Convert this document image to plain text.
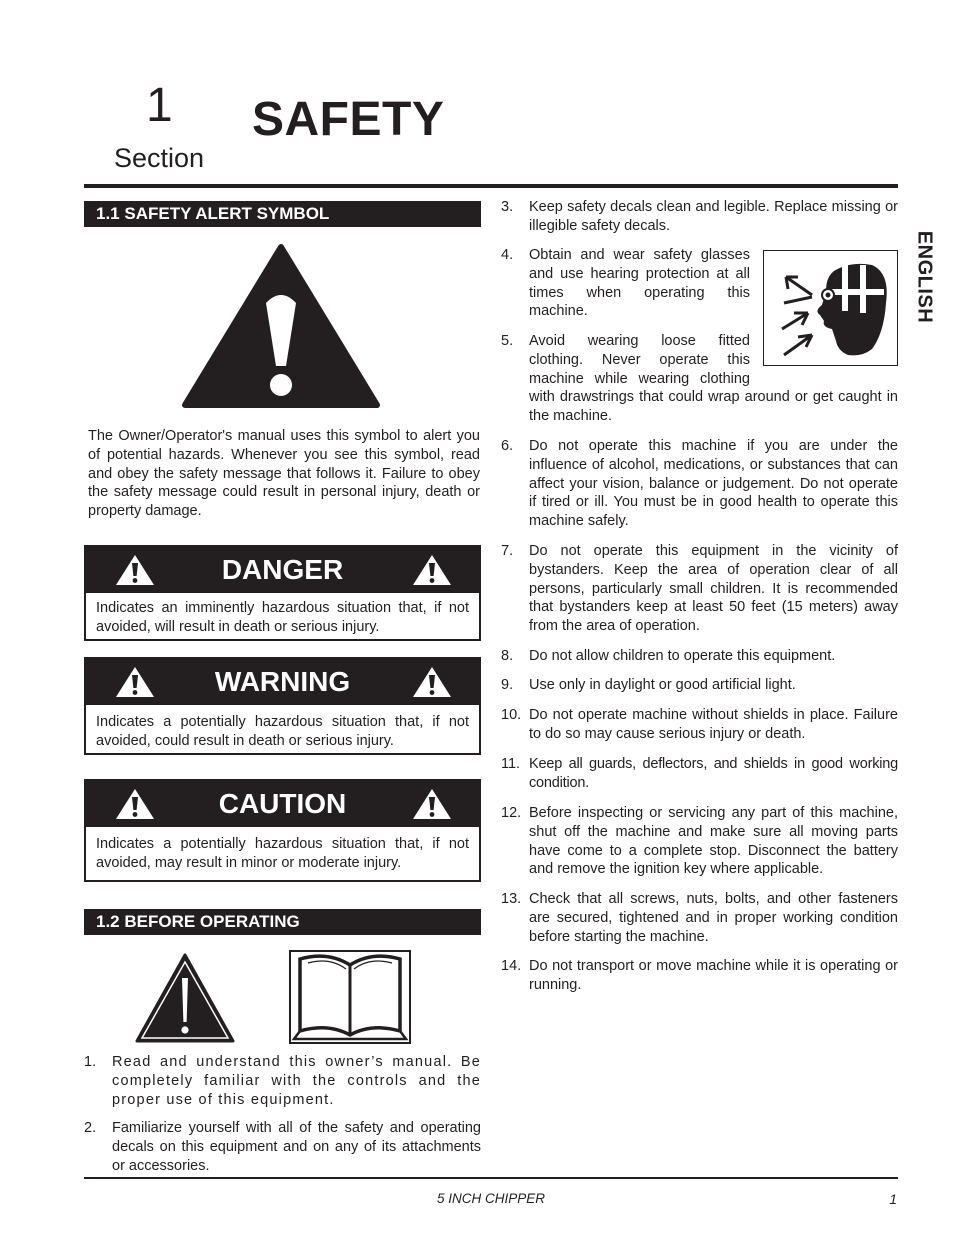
1
Section
SAFETY
ENGLISH
1.1 SAFETY ALERT SYMBOL
The Owner/Operator's manual uses this symbol to alert you of potential hazards. Whenever you see this symbol, read and obey the safety message that follows it. Failure to obey the safety message could result in personal injury, death or property damage.
DANGER
Indicates an imminently hazardous situation that, if not avoided, will result in death or serious injury.
WARNING
Indicates a potentially hazardous situation that, if not avoided, could result in death or serious injury.
CAUTION
Indicates a potentially hazardous situation that, if not avoided, may result in minor or moderate injury.
1.2 BEFORE OPERATING
1. Read and understand this owner’s manual. Be completely familiar with the controls and the proper use of this equipment.
2. Familiarize yourself with all of the safety and operating decals on this equipment and on any of its attachments or accessories.
3. Keep safety decals clean and legible. Replace missing or illegible safety decals.
4. Obtain and wear safety glasses and use hearing protection at all times when operating this machine.
5. Avoid wearing loose fitted clothing. Never operate this machine while wearing clothing with drawstrings that could wrap around or get caught in the machine.
6. Do not operate this machine if you are under the influence of alcohol, medications, or substances that can affect your vision, balance or judgement. Do not operate if tired or ill. You must be in good health to operate this machine safely.
7. Do not operate this equipment in the vicinity of bystanders. Keep the area of operation clear of all persons, particularly small children. It is recommended that bystanders keep at least 50 feet (15 meters) away from the area of operation.
8. Do not allow children to operate this equipment.
9. Use only in daylight or good artificial light.
10. Do not operate machine without shields in place. Failure to do so may cause serious injury or death.
11. Keep all guards, deflectors, and shields in good working condition.
12. Before inspecting or servicing any part of this machine, shut off the machine and make sure all moving parts have come to a complete stop. Disconnect the battery and remove the ignition key where applicable.
13. Check that all screws, nuts, bolts, and other fasteners are secured, tightened and in proper working condition before starting the machine.
14. Do not transport or move machine while it is operating or running.
5 INCH CHIPPER	1
